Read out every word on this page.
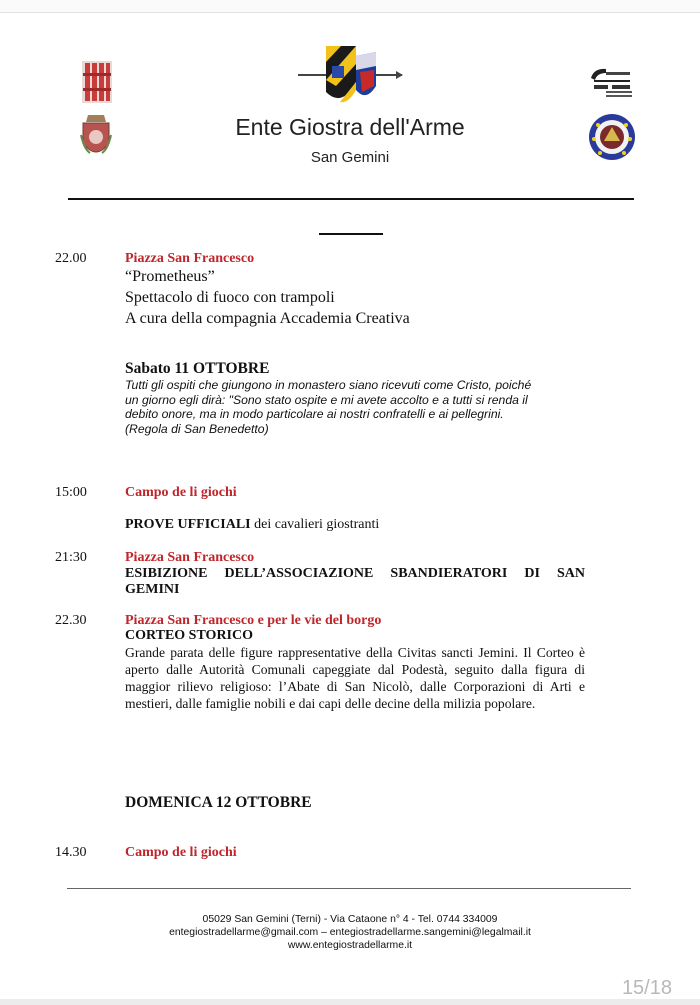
Ente Giostra dell'Arme
San Gemini
22.00	Piazza San Francesco
“Prometheus”
Spettacolo di fuoco con trampoli
A cura della compagnia Accademia Creativa
Sabato 11 OTTOBRE
Tutti gli ospiti che giungono in monastero siano ricevuti come Cristo, poiché
un giorno egli dirà: "Sono stato ospite e mi avete accolto e a tutti si renda il
debito onore, ma in modo particolare ai nostri confratelli e ai pellegrini.
(Regola di San Benedetto)
15:00	Campo de li giochi
PROVE UFFICIALI dei cavalieri giostranti
21:30	Piazza San Francesco
ESIBIZIONE DELL’ASSOCIAZIONE SBANDIERATORI DI SAN
GEMINI
22.30	Piazza San Francesco e per le vie del borgo
CORTEO STORICO
Grande parata delle figure rappresentative della Civitas sancti Jemini. Il Corteo è aperto dalle Autorità Comunali capeggiate dal Podestà, seguito dalla figura di maggior rilievo religioso: l’Abate di San Nicolò, dalle Corporazioni di Arti e mestieri, dalle famiglie nobili e dai capi delle decine della milizia popolare.
DOMENICA 12 OTTOBRE
14.30	Campo de li giochi
05029 San Gemini (Terni) - Via Cataone n° 4 - Tel. 0744 334009
entegiostradellarme@gmail.com – entegiostradellarme.sangemini@legalmail.it
www.entegiostradellarme.it
15/18
